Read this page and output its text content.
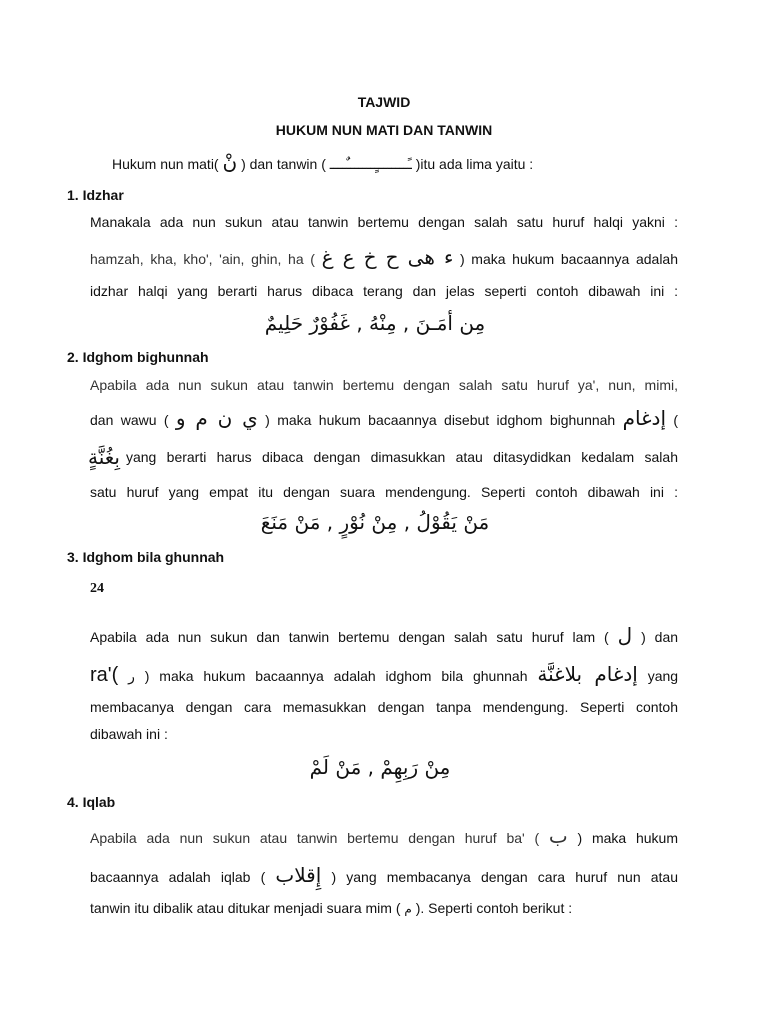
TAJWID
HUKUM NUN MATI DAN TANWIN
Hukum nun mati( نْ ) dan tanwin ( ـًــــــــٍـــــــٌــــ )itu ada lima yaitu :
1. Idzhar
Manakala ada nun sukun atau tanwin bertemu dengan salah satu huruf halqi yakni :
hamzah, kha, kho', 'ain, ghin, ha ( ء ﻫﻰ ح خ ع غ ) maka hukum bacaannya adalah
idzhar halqi yang berarti harus dibaca terang dan jelas seperti contoh dibawah ini :
مِن أمَـنَ , مِنْهُ , غَفُوْرٌ حَلِيمٌ
2. Idghom bighunnah
Apabila ada nun sukun atau tanwin bertemu dengan salah satu huruf ya', nun, mimi,
dan wawu ( ي ن م و ) maka hukum bacaannya disebut idghom bighunnah إدغام (
بِغُنَّةٍ yang berarti harus dibaca dengan dimasukkan atau ditasydidkan kedalam salah
satu huruf yang empat itu dengan suara mendengung. Seperti contoh dibawah ini :
مَنْ يَقُوْلُ , مِنْ نُوْرٍ , مَنْ مَنَعَ
3. Idghom bila ghunnah
24
Apabila ada nun sukun dan tanwin bertemu dengan salah satu huruf lam ( ل ) dan
ra'( ر ) maka hukum bacaannya adalah idghom bila ghunnah إدغام بلاغنَّة yang
membacanya dengan cara memasukkan dengan tanpa mendengung. Seperti contoh
dibawah ini :
مِنْ رَبِهِمْ , مَنْ لَمْ
4. Iqlab
Apabila ada nun sukun atau tanwin bertemu dengan huruf ba' ( ب ) maka hukum
bacaannya adalah iqlab ( إِقلاب ) yang membacanya dengan cara huruf nun atau
tanwin itu dibalik atau ditukar menjadi suara mim ( م ). Seperti contoh berikut :
